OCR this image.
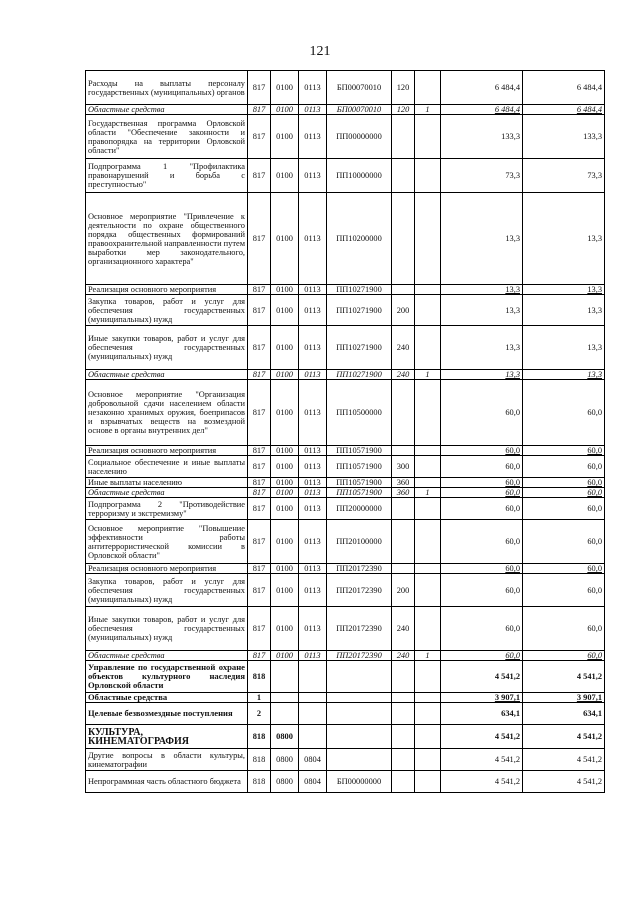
121
Расходы на выплаты персоналу государственных (муниципальных) органов	817	0100	0113	БП00070010	120		6 484,4	6 484,4
Областные средства	817	0100	0113	БП00070010	120	1	6 484,4	6 484,4
Государственная программа Орловской области "Обеспечение законности и правопорядка на территории Орловской области"	817	0100	0113	ПП00000000			133,3	133,3
Подпрограмма 1 "Профилактика правонарушений и борьба с преступностью"	817	0100	0113	ПП10000000			73,3	73,3
Основное мероприятие "Привлечение к деятельности по охране общественного порядка общественных формирований правоохранительной направленности путем выработки мер законодательного, организационного характера"	817	0100	0113	ПП10200000			13,3	13,3
Реализация основного мероприятия	817	0100	0113	ПП10271900			13,3	13,3
Закупка товаров, работ и услуг для обеспечения государственных (муниципальных) нужд	817	0100	0113	ПП10271900	200		13,3	13,3
Иные закупки товаров, работ и услуг для обеспечения государственных (муниципальных) нужд	817	0100	0113	ПП10271900	240		13,3	13,3
Областные средства	817	0100	0113	ПП10271900	240	1	13,3	13,3
Основное мероприятие "Организация добровольной сдачи населением области незаконно хранимых оружия, боеприпасов и взрывчатых веществ на возмездной основе в органы внутренних дел"	817	0100	0113	ПП10500000			60,0	60,0
Реализация основного мероприятия	817	0100	0113	ПП10571900			60,0	60,0
Социальное обеспечение и иные выплаты населению	817	0100	0113	ПП10571900	300		60,0	60,0
Иные выплаты населению	817	0100	0113	ПП10571900	360		60,0	60,0
Областные средства	817	0100	0113	ПП10571900	360	1	60,0	60,0
Подпрограмма 2 "Противодействие терроризму и экстремизму"	817	0100	0113	ПП20000000			60,0	60,0
Основное мероприятие "Повышение эффективности работы антитеррористической комиссии в Орловской области"	817	0100	0113	ПП20100000			60,0	60,0
Реализация основного мероприятия	817	0100	0113	ПП20172390			60,0	60,0
Закупка товаров, работ и услуг для обеспечения государственных (муниципальных) нужд	817	0100	0113	ПП20172390	200		60,0	60,0
Иные закупки товаров, работ и услуг для обеспечения государственных (муниципальных) нужд	817	0100	0113	ПП20172390	240		60,0	60,0
Областные средства	817	0100	0113	ПП20172390	240	1	60,0	60,0
Управление по государственной охране объектов культурного наследия Орловской области	818						4 541,2	4 541,2
Областные средства	1						3 907,1	3 907,1
Целевые безвозмездные поступления	2						634,1	634,1
КУЛЬТУРА, КИНЕМАТОГРАФИЯ	818	0800					4 541,2	4 541,2
Другие вопросы в области культуры, кинематографии	818	0800	0804				4 541,2	4 541,2
Непрограммная часть областного бюджета	818	0800	0804	БП00000000			4 541,2	4 541,2
